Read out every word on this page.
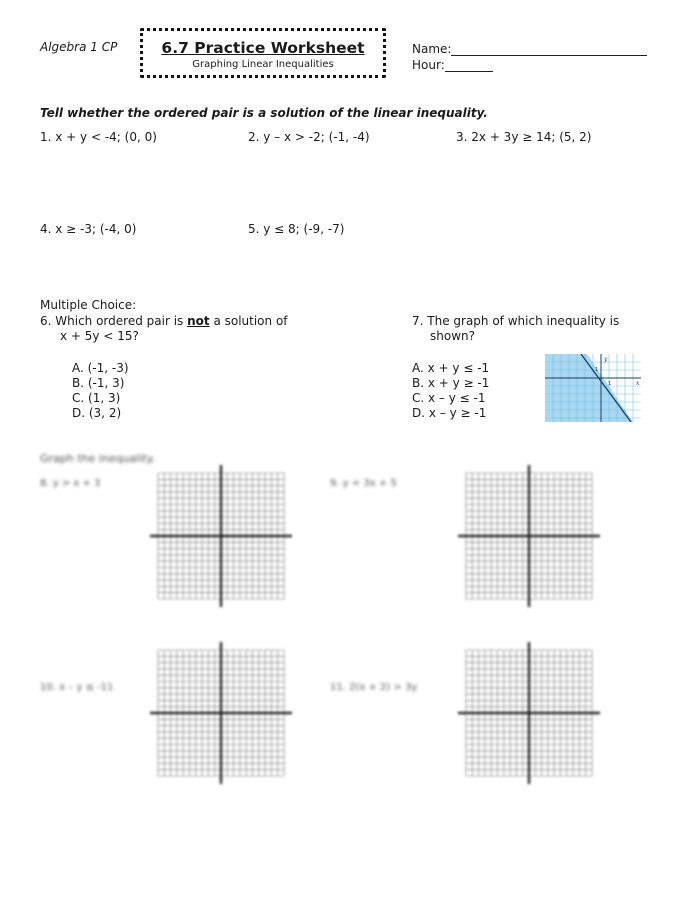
Algebra 1 CP	6.7 Practice Worksheet
Graphing Linear Inequalities
Name:
Hour:
Tell whether the ordered pair is a solution of the linear inequality.
1. x + y < -4; (0, 0)	2. y – x > -2; (-1, -4)	3. 2x + 3y ≥ 14; (5, 2)
4. x ≥ -3; (-4, 0)	5. y ≤ 8; (-9, -7)
Multiple Choice:
6. Which ordered pair is not a solution of
x + 5y < 15?
A. (-1, -3)
B. (-1, 3)
C. (1, 3)
D. (3, 2)
7. The graph of which inequality is
shown?
A. x + y ≤ -1
B. x + y ≥ -1
C. x – y ≤ -1
D. x – y ≥ -1
y
x
1
1
Graph the inequality.
8. y > x + 3	9. y < 3x + 5
10. x – y ≤ -11	11. 2(x + 2) > 3y
